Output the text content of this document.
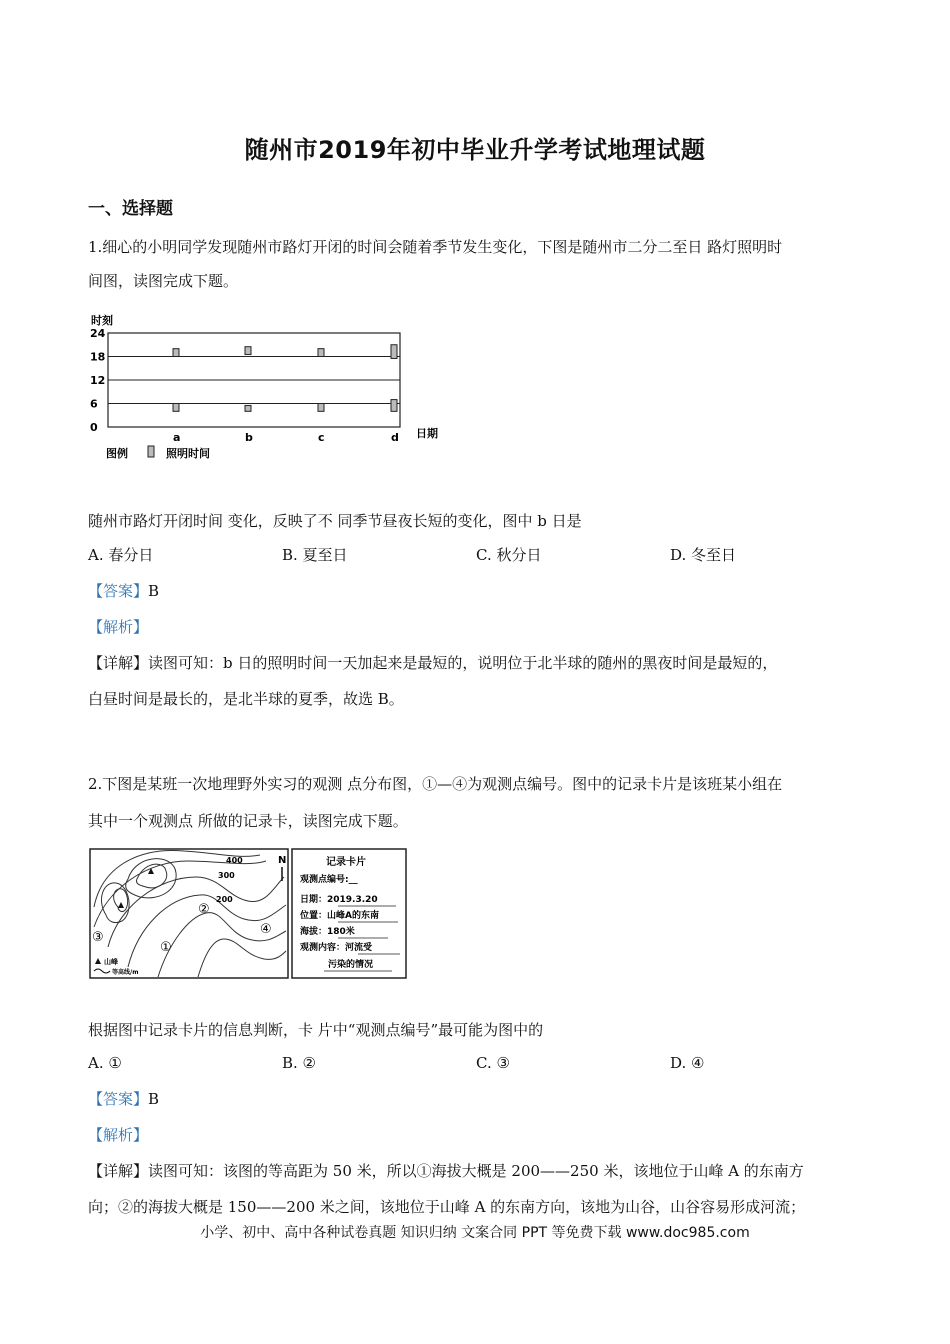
随州市2019年初中毕业升学考试地理试题
一、选择题
1.细心的小明同学发现随州市路灯开闭的时间会随着季节发生变化，下图是随州市二分二至日 路灯照明时
间图，读图完成下题。
时刻
24
18
12
6
0
a	b	c	d 日期
图例	照明时间
随州市路灯开闭时间 变化，反映了不 同季节昼夜长短的变化，图中 b 日是
A. 春分日	B. 夏至日	C. 秋分日	D. 冬至日
【答案】B
【解析】
【详解】读图可知：b 日的照明时间一天加起来是最短的，说明位于北半球的随州的黑夜时间是最短的，
白昼时间是最长的，是北半球的夏季，故选 B。
2.下图是某班一次地理野外实习的观测 点分布图，①—④为观测点编号。图中的记录卡片是该班某小组在
其中一个观测点 所做的记录卡，读图完成下题。
400
300
200
N
①
②
③
④
山峰
等高线/m
记录卡片
观测点编号:__
日期：2019.3.20
位置：山峰A的东南
海拔：180米
观测内容：河流受
污染的情况
根据图中记录卡片的信息判断，卡 片中“观测点编号”最可能为图中的
A. ①	B. ②	C. ③	D. ④
【答案】B
【解析】
【详解】读图可知：该图的等高距为 50 米，所以①海拔大概是 200——250 米，该地位于山峰 A 的东南方
向；②的海拔大概是 150——200 米之间，该地位于山峰 A 的东南方向，该地为山谷，山谷容易形成河流；
小学、初中、高中各种试卷真题 知识归纳 文案合同 PPT 等免费下载 www.doc985.com
